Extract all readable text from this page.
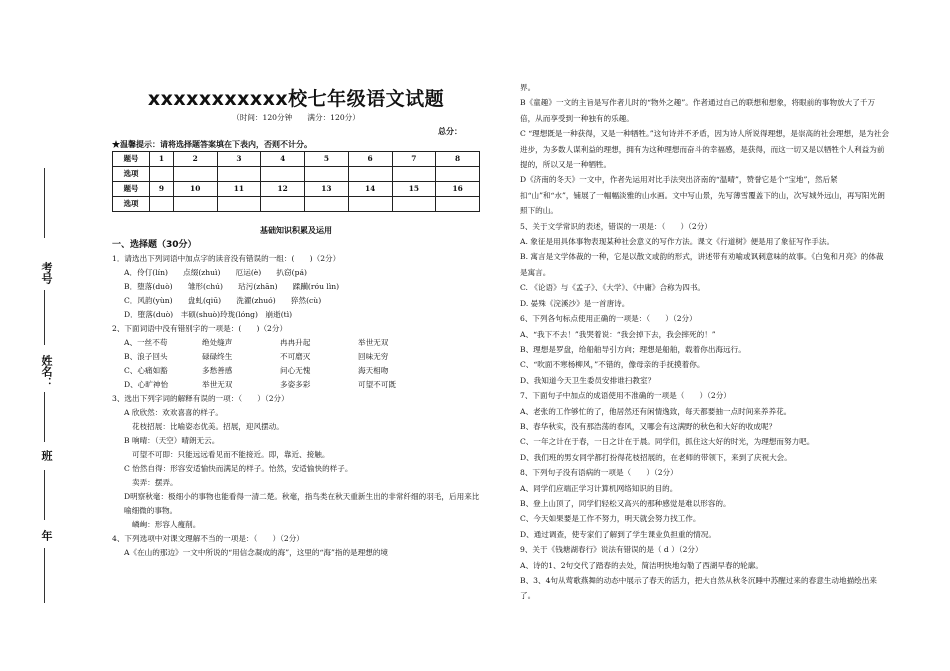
考号
姓名：
班
年
xxxxxxxxxxx校七年级语文试题
（时间：120分钟　　满分：120分）
总分：
★温馨提示：请将选择题答案填在下表内，否则不计分。
题号	1	2	3	4	5	6	7	8
选项								
题号	9	10	11	12	13	14	15	16
选项								
基础知识积累及运用
一、选择题（30分）

1．请选出下列词语中加点字的读音没有错误的一组：(　　)（2分）

A．伶仃(lín)　　点缀(zhuì)　　厄运(è)　　扒窃(pá)

B．堕落(duò)　　雏形(chú)　　玷污(zhān)　　蹂躏(róu lìn)

C．风韵(yùn)　　盘虬(qiū)　　洗濯(zhuó)　　猝然(cù)

D．堕落(duò)　丰硕(shuò)玲珑(lóng)　崩逝(tì)

2、下面词语中没有错别字的一项是：(　　)（2分）

A、一丝不苟	绝处缝声	冉冉升起	举世无双
B、浪子回头	碌碌终生	不可磨灭	回味无穷
C、心痛如豁	多愁善感	问心无愧	海天相吻
D、心旷神怡	举世无双	多姿多彩	可望不可既

3、选出下列字词的解释有误的一项：（　　）（2分）

A 欣欣然：欢欢喜喜的样子。

花枝招展：比喻姿态优美。招展，迎风摆动。

B 响晴：（天空）晴朗无云。

可望不可即：只能远远看见而不能接近。即，靠近、接触。

C 怡然自得：形容安适愉快而满足的样子。怡然，安适愉快的样子。

卖弄：摆弄。

D明察秋毫：极细小的事物也能看得一清二楚。秋毫，指鸟类在秋天重新生出的非常纤细的羽毛，后用来比喻细微的事物。

嶙峋：形容人瘦削。

4、下列选项中对课文理解不当的一项是：（　　）（2分）

A《在山的那边》一文中所说的“用信念凝成的海”，这里的“海”指的是理想的境

界。

B《童趣》一文的主旨是写作者儿时的“物外之趣”。作者通过自己的联想和想象，将眼前的事物放大了千万倍，从而享受到一种独有的乐趣。

C “理想既是一种获得，又是一种牺牲。”这句诗并不矛盾，因为诗人所说得理想，是崇高的社会理想，是为社会进步，为多数人谋利益的理想，拥有为这种理想而奋斗的幸福感，是获得，而这一切又是以牺牲个人利益为前提的，所以又是一种牺牲。

D《济南的冬天》一文中，作者先运用对比手法突出济南的“温晴”，赞誉它是个“宝地”，然后紧扣“山”和“水”，铺展了一幅幅淡雅的山水画。文中写山景，先写薄雪覆盖下的山，次写城外远山，再写阳光朗照下的山。

5、关于文学常识的表述，错误的一项是：（　　）（2分）

A. 象征是用具体事物表现某种社会意义的写作方法。课文《行道树》便是用了象征写作手法。

B. 寓言是文学体裁的一种，它是以散文或韵的形式，讲述带有劝喻或讽刺意味的故事。《白兔和月亮》的体裁是寓言。

C. 《论语》与《孟子》、《大学》、《中庸》合称为四书。

D. 晏殊《浣溪沙》是一首唐诗。

6、下列各句标点使用正确的一项是：（　　）（2分）

A、“我下不去！”我哭着说：“我会掉下去，我会摔死的！”

B、理想是罗盘，给船舶导引方向；理想是船舶，载着你出海远行。

C、“吹面不寒杨柳风，”不错的，像母亲的手抚摸着你。

D、我知道今天卫生委员安排谁扫教室？

7、下面句子中加点的成语使用不准确的一项是（　　）（2分）

A、老张的工作够忙的了，他居然还有闲情逸致，每天都要抽一点时间来养养花。

B、春华秋实，没有那浩荡的春风，又哪会有这满野的秋色和大好的收成呢？

C、一年之计在于春，一日之计在于晨。同学们，抓住这大好的时光，为理想而努力吧。

D、我们班的男女同学都打扮得花枝招展的，在老师的带领下，来到了庆祝大会。

8、下列句子没有语病的一项是（　　）（2分）

A、同学们应端正学习计算机网络知识的目的。

B、登上山顶了，同学们轻松又高兴的那种感觉是难以形容的。

C、今天如果要是工作不努力，明天就会努力找工作。

D、通过调查，使专家们了解到了学生课业负担重的情况。

9、关于《钱塘湖春行》说法有错误的是（ d ）（2分）

A、诗的1、2句交代了踏春的去处，简洁明快地勾勒了西湖早春的轮廓。

B、3、4句从莺歌燕舞的动态中展示了春天的活力，把大自然从秋冬沉睡中苏醒过来的春意生动地描绘出来了。
